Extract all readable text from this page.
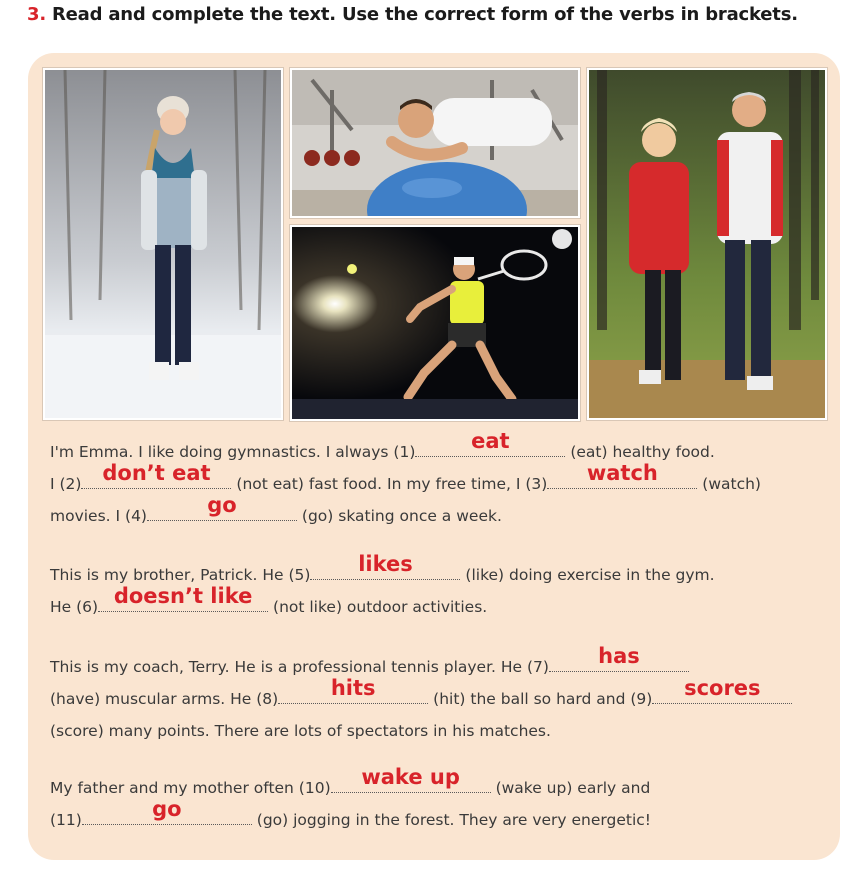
3. Read and complete the text. Use the correct form of the verbs in brackets.
I'm Emma. I like doing gymnastics. I always (1)	eat	(eat) healthy food.
I (2) don’t eat	(not eat) fast food. In my free time, I (3)	watch	(watch)
movies. I (4)	go	(go) skating once a week.
This is my brother, Patrick. He (5)	likes	(like) doing exercise in the gym.
He (6) doesn’t like	(not like) outdoor activities.
This is my coach, Terry. He is a professional tennis player. He (7)	has
(have) muscular arms. He (8)	hits	(hit) the ball so hard and (9)	scores
(score) many points. There are lots of spectators in his matches.
My father and my mother often (10)	wake up	(wake up) early and
(11)	go	(go) jogging in the forest. They are very energetic!
